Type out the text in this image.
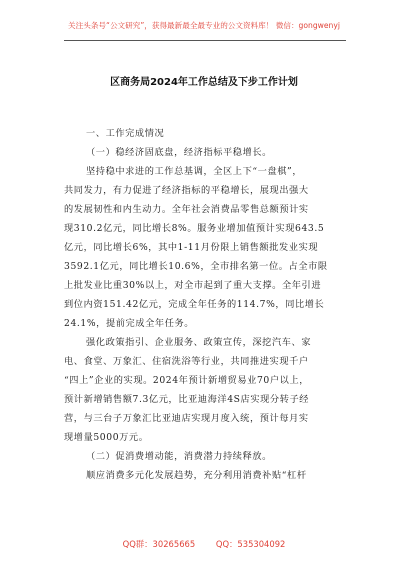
关注头条号“公文研究”，获得最新最全最专业的公文资料库！ 微信：gongwenyj
区商务局2024年工作总结及下步工作计划
一、工作完成情况
（一）稳经济固底盘，经济指标平稳增长。
坚持稳中求进的工作总基调，全区上下“一盘棋”，
共同发力，有力促进了经济指标的平稳增长，展现出强大
的发展韧性和内生动力。全年社会消费品零售总额预计实
现310.2亿元，同比增长8%。服务业增加值预计实现643.5
亿元，同比增长6%，其中1-11月份限上销售额批发业实现
3592.1亿元，同比增长10.6%，全市排名第一位。占全市限
上批发业比重30%以上，对全市起到了重大支撑。全年引进
到位内资151.42亿元，完成全年任务的114.7%，同比增长
24.1%，提前完成全年任务。
强化政策指引、企业服务、政策宣传，深挖汽车、家
电、食堂、万象汇、住宿洗浴等行业，共同推进实现千户
“四上”企业的实现。2024年预计新增贸易业70户以上，
预计新增销售额7.3亿元，比亚迪海洋4S店实现分转子经
营，与三台子万象汇比亚迪店实现月度入统，预计每月实
现增量5000万元。
（二）促消费增动能，消费潜力持续释放。
顺应消费多元化发展趋势，充分利用消费补贴“杠杆
QQ群：30265665 QQ：535304092
